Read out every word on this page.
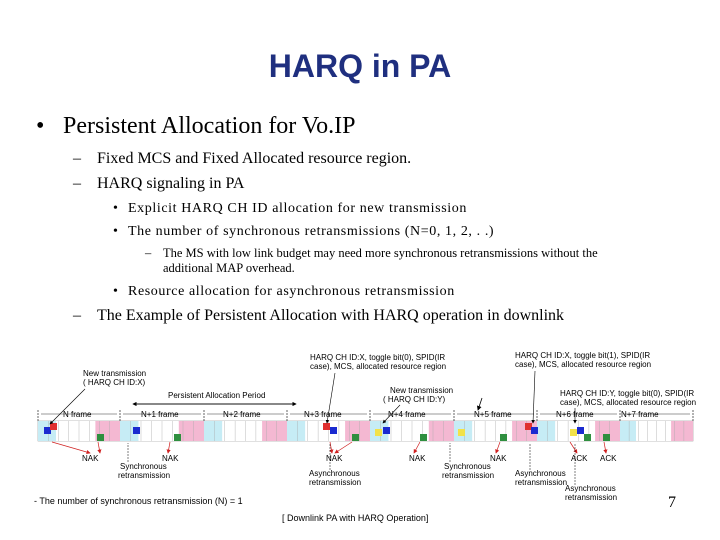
HARQ in PA
• Persistent Allocation for Vo.IP
– Fixed MCS and Fixed Allocated resource region.
– HARQ signaling in PA
• Explicit HARQ CH ID allocation for new transmission
• The number of synchronous retransmissions (N=0, 1, 2, . .)
– The MS with low link budget may need more synchronous retransmissions without the
additional MAP overhead.
• Resource allocation for asynchronous retransmission
– The Example of Persistent Allocation with HARQ operation in downlink
N frame	N+1 frame	N+2 frame	N+3 frame	N+4 frame	N+5 frame	N+6 frame	N+7 frame
Persistent Allocation Period
New transmission
( HARQ CH ID:X)
HARQ CH ID:X, toggle bit(0), SPID(IR
case), MCS, allocated resource region
New transmission
( HARQ CH ID:Y)
HARQ CH ID:X, toggle bit(1), SPID(IR
case), MCS, allocated resource region
HARQ CH ID:Y, toggle bit(0), SPID(IR
case), MCS, allocated resource region
NAK
Synchronous
retransmission
NAK	NAK
Asynchronous
retransmission
NAK
Synchronous
retransmission
NAK
Asynchronous
retransmission
ACK ACK
Asynchronous
retransmission
- The number of synchronous retransmission (N) = 1
[ Downlink PA with HARQ Operation]
7
